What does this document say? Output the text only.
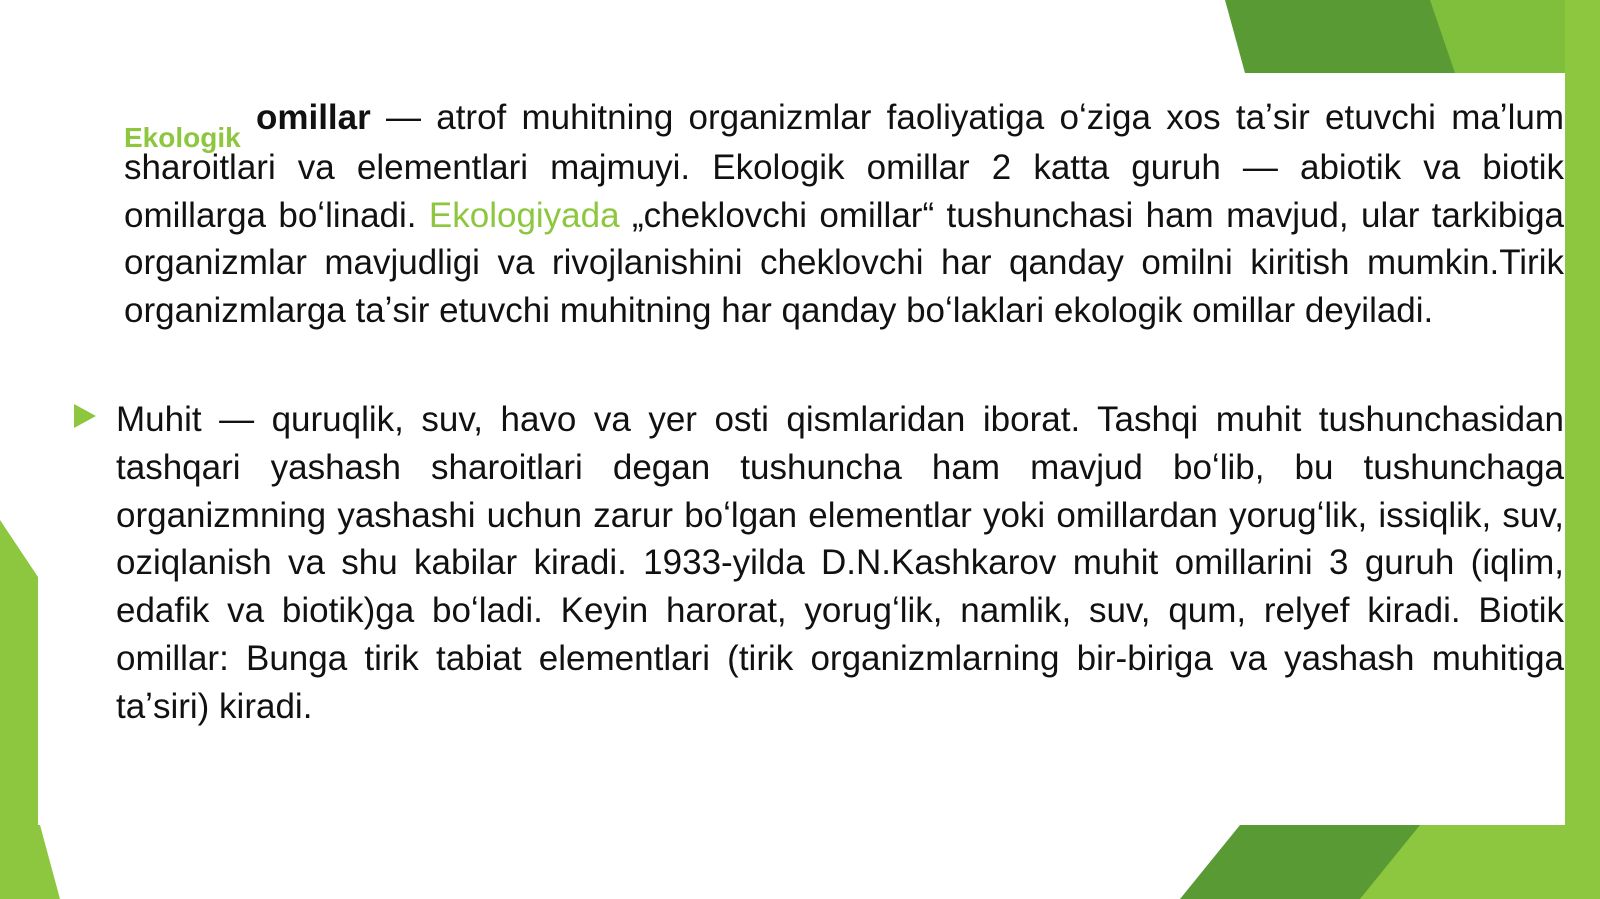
$_{Ekologik}$ omillar — atrof muhitning organizmlar faoliyatiga oʻziga xos taʼsir etuvchi maʼlum sharoitlari va elementlari majmuyi. Ekologik omillar 2 katta guruh — abiotik va biotik omillarga boʻlinadi. Ekologiyada „cheklovchi omillar“ tushunchasi ham mavjud, ular tarkibiga organizmlar mavjudligi va rivojlanishini cheklovchi har qanday omilni kiritish mumkin.Tirik organizmlarga taʼsir etuvchi muhitning har qanday boʻlaklari ekologik omillar deyiladi.
Muhit — quruqlik, suv, havo va yer osti qismlaridan iborat. Tashqi muhit tushunchasidan tashqari yashash sharoitlari degan tushuncha ham mavjud boʻlib, bu tushunchaga organizmning yashashi uchun zarur boʻlgan elementlar yoki omillardan yorugʻlik, issiqlik, suv, oziqlanish va shu kabilar kiradi. 1933-yilda D.N.Kashkarov muhit omillarini 3 guruh (iqlim, edafik va biotik)ga boʻladi. Keyin harorat, yorugʻlik, namlik, suv, qum, relyef kiradi. Biotik omillar: Bunga tirik tabiat elementlari (tirik organizmlarning bir-biriga va yashash muhitiga taʼsiri) kiradi.
